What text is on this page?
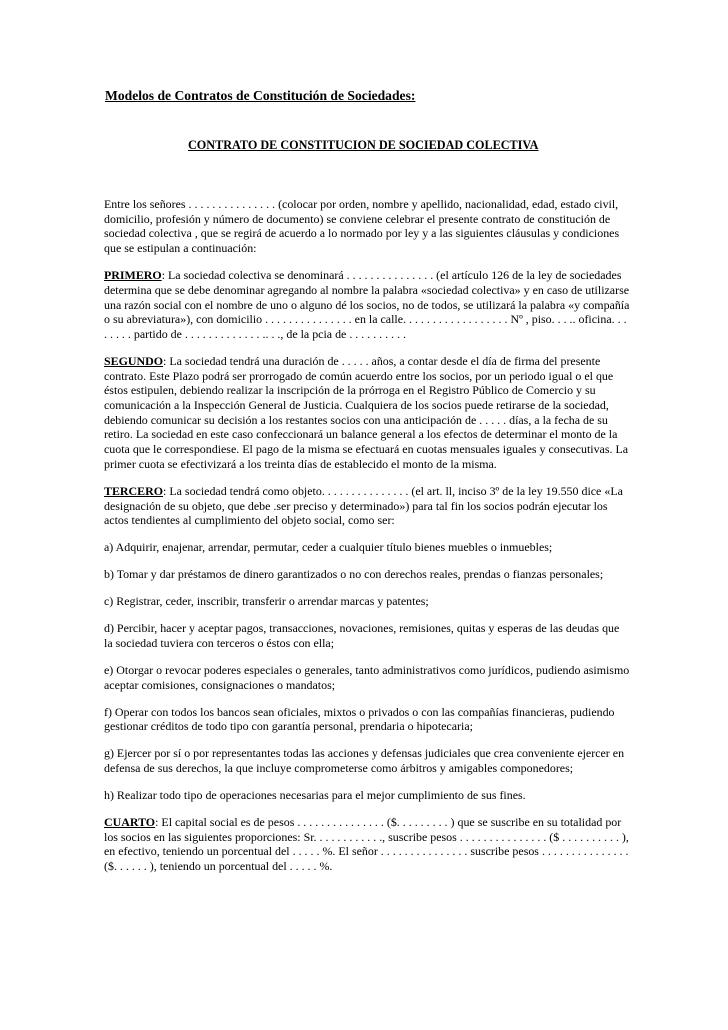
Modelos de Contratos de Constitución de Sociedades:
CONTRATO DE CONSTITUCION DE SOCIEDAD COLECTIVA

Entre los señores . . . . . . . . . . . . . . . (colocar por orden, nombre y apellido, nacionalidad, edad, estado civil, domicilio, profesión y número de documento) se conviene celebrar el presente contrato de constitución de sociedad colectiva , que se regirá de acuerdo a lo normado por ley y a las siguientes cláusulas y condiciones que se estipulan a continuación:

PRIMERO: La sociedad colectiva se denominará . . . . . . . . . . . . . . . (el artículo 126 de la ley de sociedades determina que se debe denominar agregando al nombre la palabra «sociedad colectiva» y en caso de utilizarse una razón social con el nombre de uno o alguno dé los socios, no de todos, se utilizará la palabra «y compañía o su abreviatura»), con domicilio . . . . . . . . . . . . . . . en la calle. . . . . . . . . . . . . . . . . . Nº , piso. . . .. oficina. . . . . . . . partido de . . . . . . . . . . . . . .. . ., de la pcia de . . . . . . . . . .

SEGUNDO: La sociedad tendrá una duración de . . . . . años, a contar desde el día de firma del presente contrato. Este Plazo podrá ser prorrogado de común acuerdo entre los socios, por un periodo igual o el que éstos estipulen, debiendo realizar la inscripción de la prórroga en el Registro Público de Comercio y su comunicación a la Inspección General de Justicia. Cualquiera de los socios puede retirarse de la sociedad, debiendo comunicar su decisión a los restantes socios con una anticipación de . . . . . días, a la fecha de su retiro. La sociedad en este caso confeccionará un balance general a los efectos de determinar el monto de la cuota que le correspondiese. El pago de la misma se efectuará en cuotas mensuales iguales y consecutivas. La primer cuota se efectivizará a los treinta días de establecido el monto de la misma.

TERCERO: La sociedad tendrá como objeto. . . . . . . . . . . . . . . (el art. ll, inciso 3º de la ley 19.550 dice «La designación de su objeto, que debe .ser preciso y determinado») para tal fin los socios podrán ejecutar los actos tendientes al cumplimiento del objeto social, como ser:

a) Adquirir, enajenar, arrendar, permutar, ceder a cualquier título bienes muebles o inmuebles;

b) Tomar y dar préstamos de dinero garantizados o no con derechos reales, prendas o fianzas personales;

c) Registrar, ceder, inscribir, transferir o arrendar marcas y patentes;

d) Percibir, hacer y aceptar pagos, transacciones, novaciones, remisiones, quitas y esperas de las deudas que la sociedad tuviera con terceros o éstos con ella;

e) Otorgar o revocar poderes especiales o generales, tanto administrativos como jurídicos, pudiendo asimismo aceptar comisiones, consignaciones o mandatos;

f) Operar con todos los bancos sean oficiales, mixtos o privados o con las compañías financieras, pudiendo gestionar créditos de todo tipo con garantía personal, prendaria o hipotecaria;

g) Ejercer por sí o por representantes todas las acciones y defensas judiciales que crea conveniente ejercer en defensa de sus derechos, la que incluye comprometerse como árbitros y amigables componedores;

h) Realizar todo tipo de operaciones necesarias para el mejor cumplimiento de sus fines.

CUARTO: El capital social es de pesos . . . . . . . . . . . . . . . ($. . . . . . . . . ) que se suscribe en su totalidad por los socios en las siguientes proporciones: Sr. . . . . . . . . . . ., suscribe pesos . . . . . . . . . . . . . . . ($ . . . . . . . . . . ), en efectivo, teniendo un porcentual del . . . . . %. El señor . . . . . . . . . . . . . . . suscribe pesos . . . . . . . . . . . . . . . ($. . . . . . ), teniendo un porcentual del . . . . . %.
